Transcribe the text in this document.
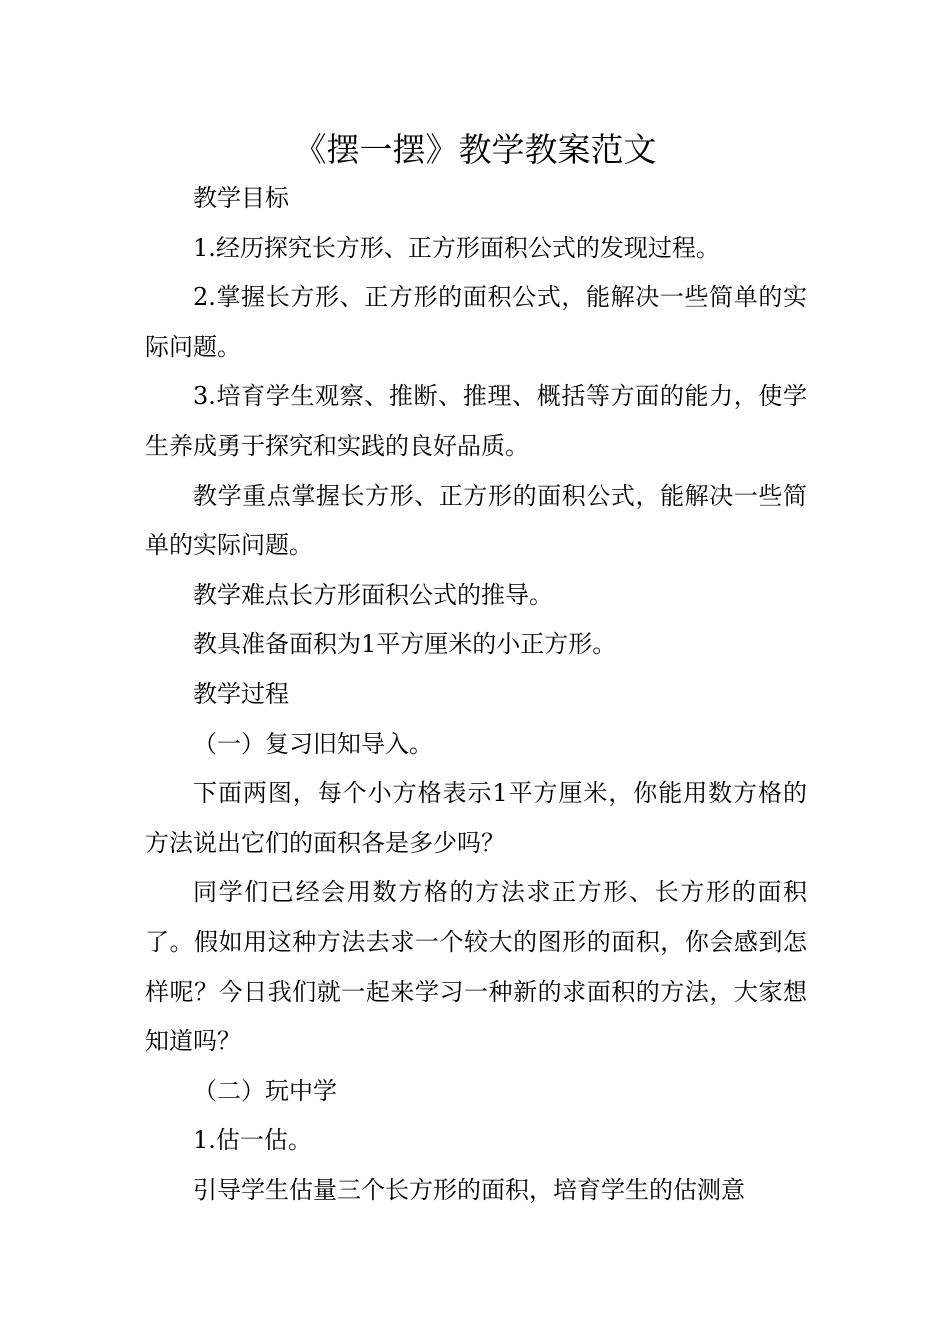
《摆一摆》教学教案范文

教学目标

1.经历探究长方形、正方形面积公式的发现过程。

2.掌握长方形、正方形的面积公式，能解决一些简单的实际问题。

3.培育学生观察、推断、推理、概括等方面的能力，使学生养成勇于探究和实践的良好品质。

教学重点掌握长方形、正方形的面积公式，能解决一些简单的实际问题。

教学难点长方形面积公式的推导。

教具准备面积为1平方厘米的小正方形。

教学过程

（一）复习旧知导入。

下面两图，每个小方格表示1平方厘米，你能用数方格的方法说出它们的面积各是多少吗？

同学们已经会用数方格的方法求正方形、长方形的面积了。假如用这种方法去求一个较大的图形的面积，你会感到怎样呢？今日我们就一起来学习一种新的求面积的方法，大家想知道吗？

（二）玩中学

1.估一估。

引导学生估量三个长方形的面积，培育学生的估测意
